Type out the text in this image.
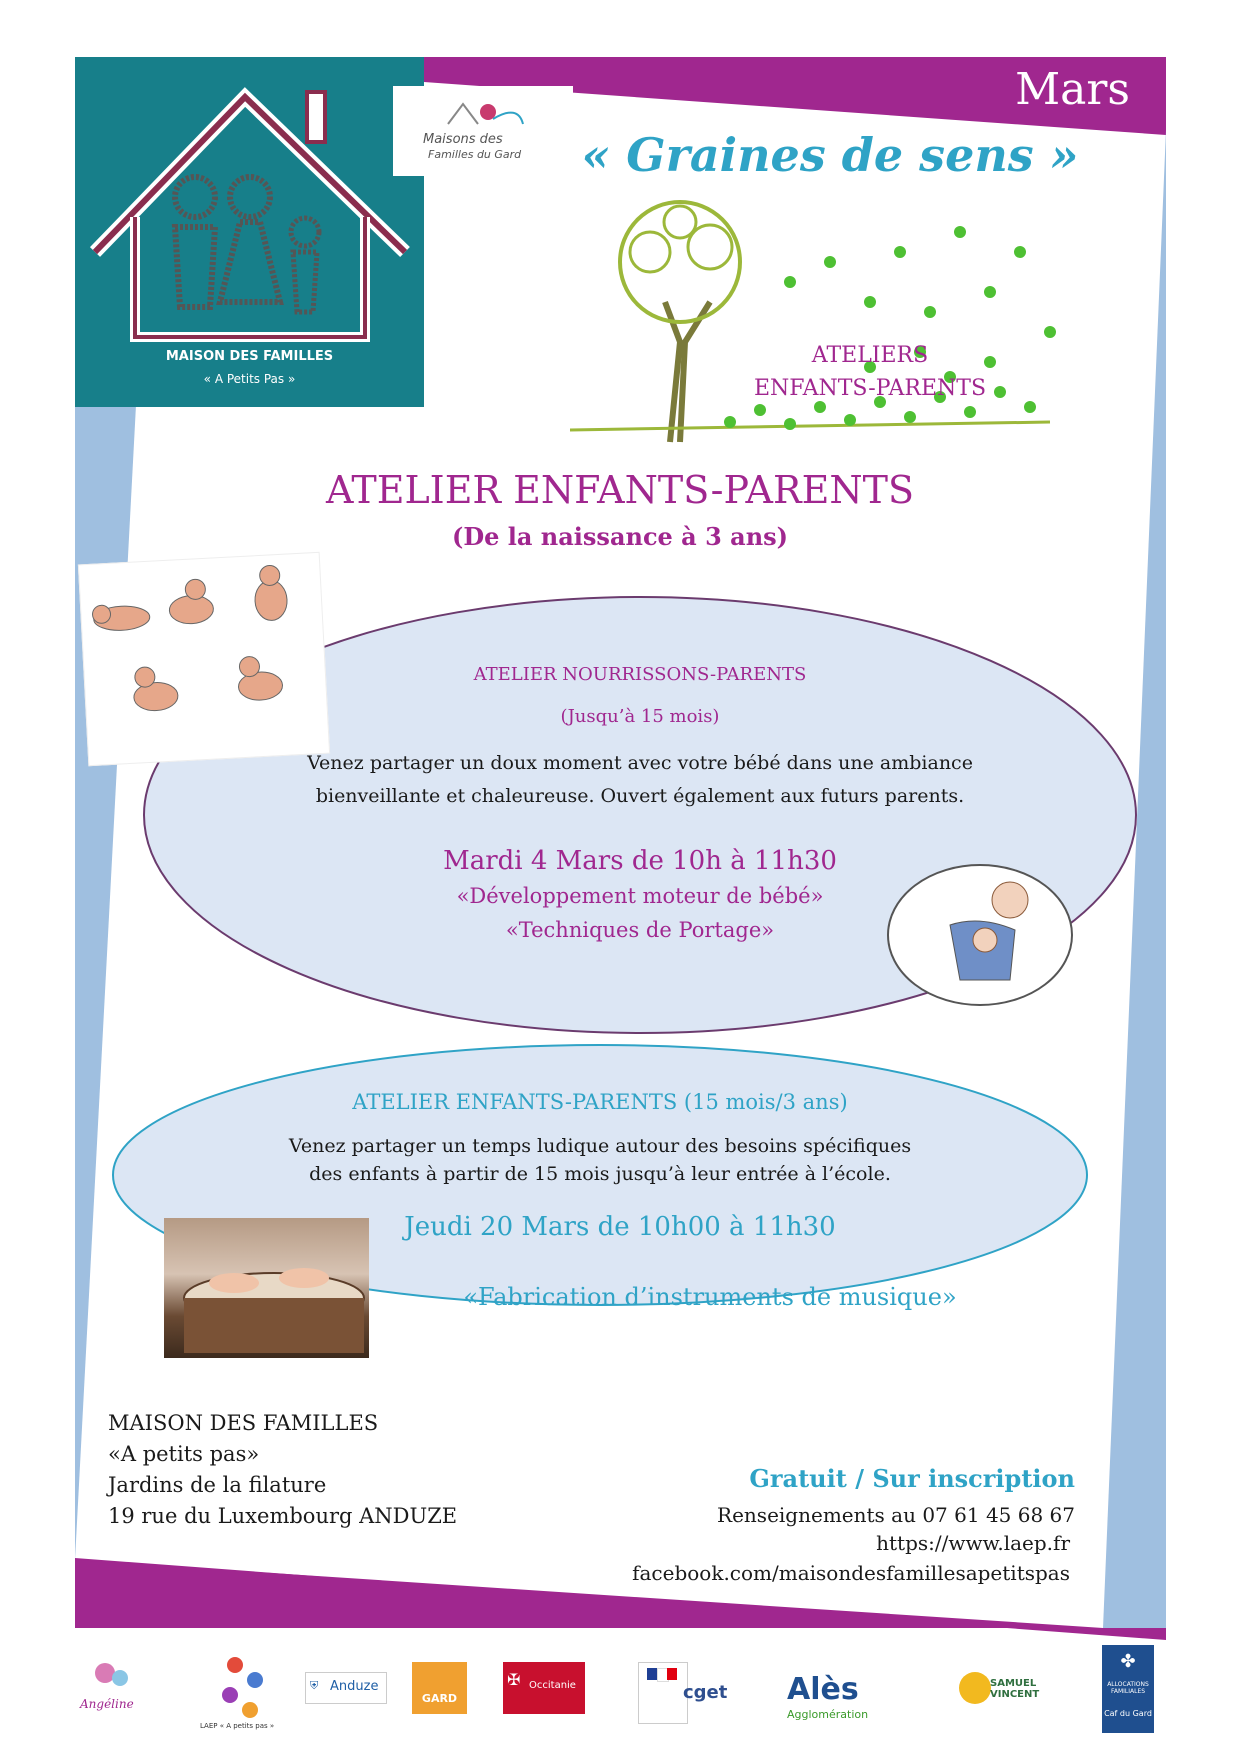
MAISON DES FAMILLES
« A Petits Pas »
Maisons des
Familles du Gard
Mars
« Graines de sens »
ATELIERS
ENFANTS-PARENTS
ATELIER ENFANTS-PARENTS
(De la naissance à 3 ans)
ATELIER NOURRISSONS-PARENTS
(Jusqu’à 15 mois)
Venez partager un doux moment avec votre bébé dans une ambiance
bienveillante et chaleureuse. Ouvert également aux futurs parents.
Mardi 4 Mars de 10h à 11h30
«Développement moteur de bébé»
«Techniques de Portage»
ATELIER ENFANTS-PARENTS (15 mois/3 ans)
Venez partager un temps ludique autour des besoins spécifiques
des enfants à partir de 15 mois jusqu’à leur entrée à l’école.
Jeudi 20 Mars de 10h00 à 11h30
«Fabrication d’instruments de musique»
MAISON DES FAMILLES
«A petits pas»
Jardins de la filature
19 rue du Luxembourg ANDUZE
Gratuit / Sur inscription
Renseignements au 07 61 45 68 67
https://www.laep.fr
facebook.com/maisondesfamillesapetitspas
Angéline
LAEP « A petits pas »
⛨ Anduze
GARD
✠ Occitanie	cget Alès
Agglomération
SAMUEL VINCENT
✤
ALLOCATIONS FAMILIALES
Caf du Gard
